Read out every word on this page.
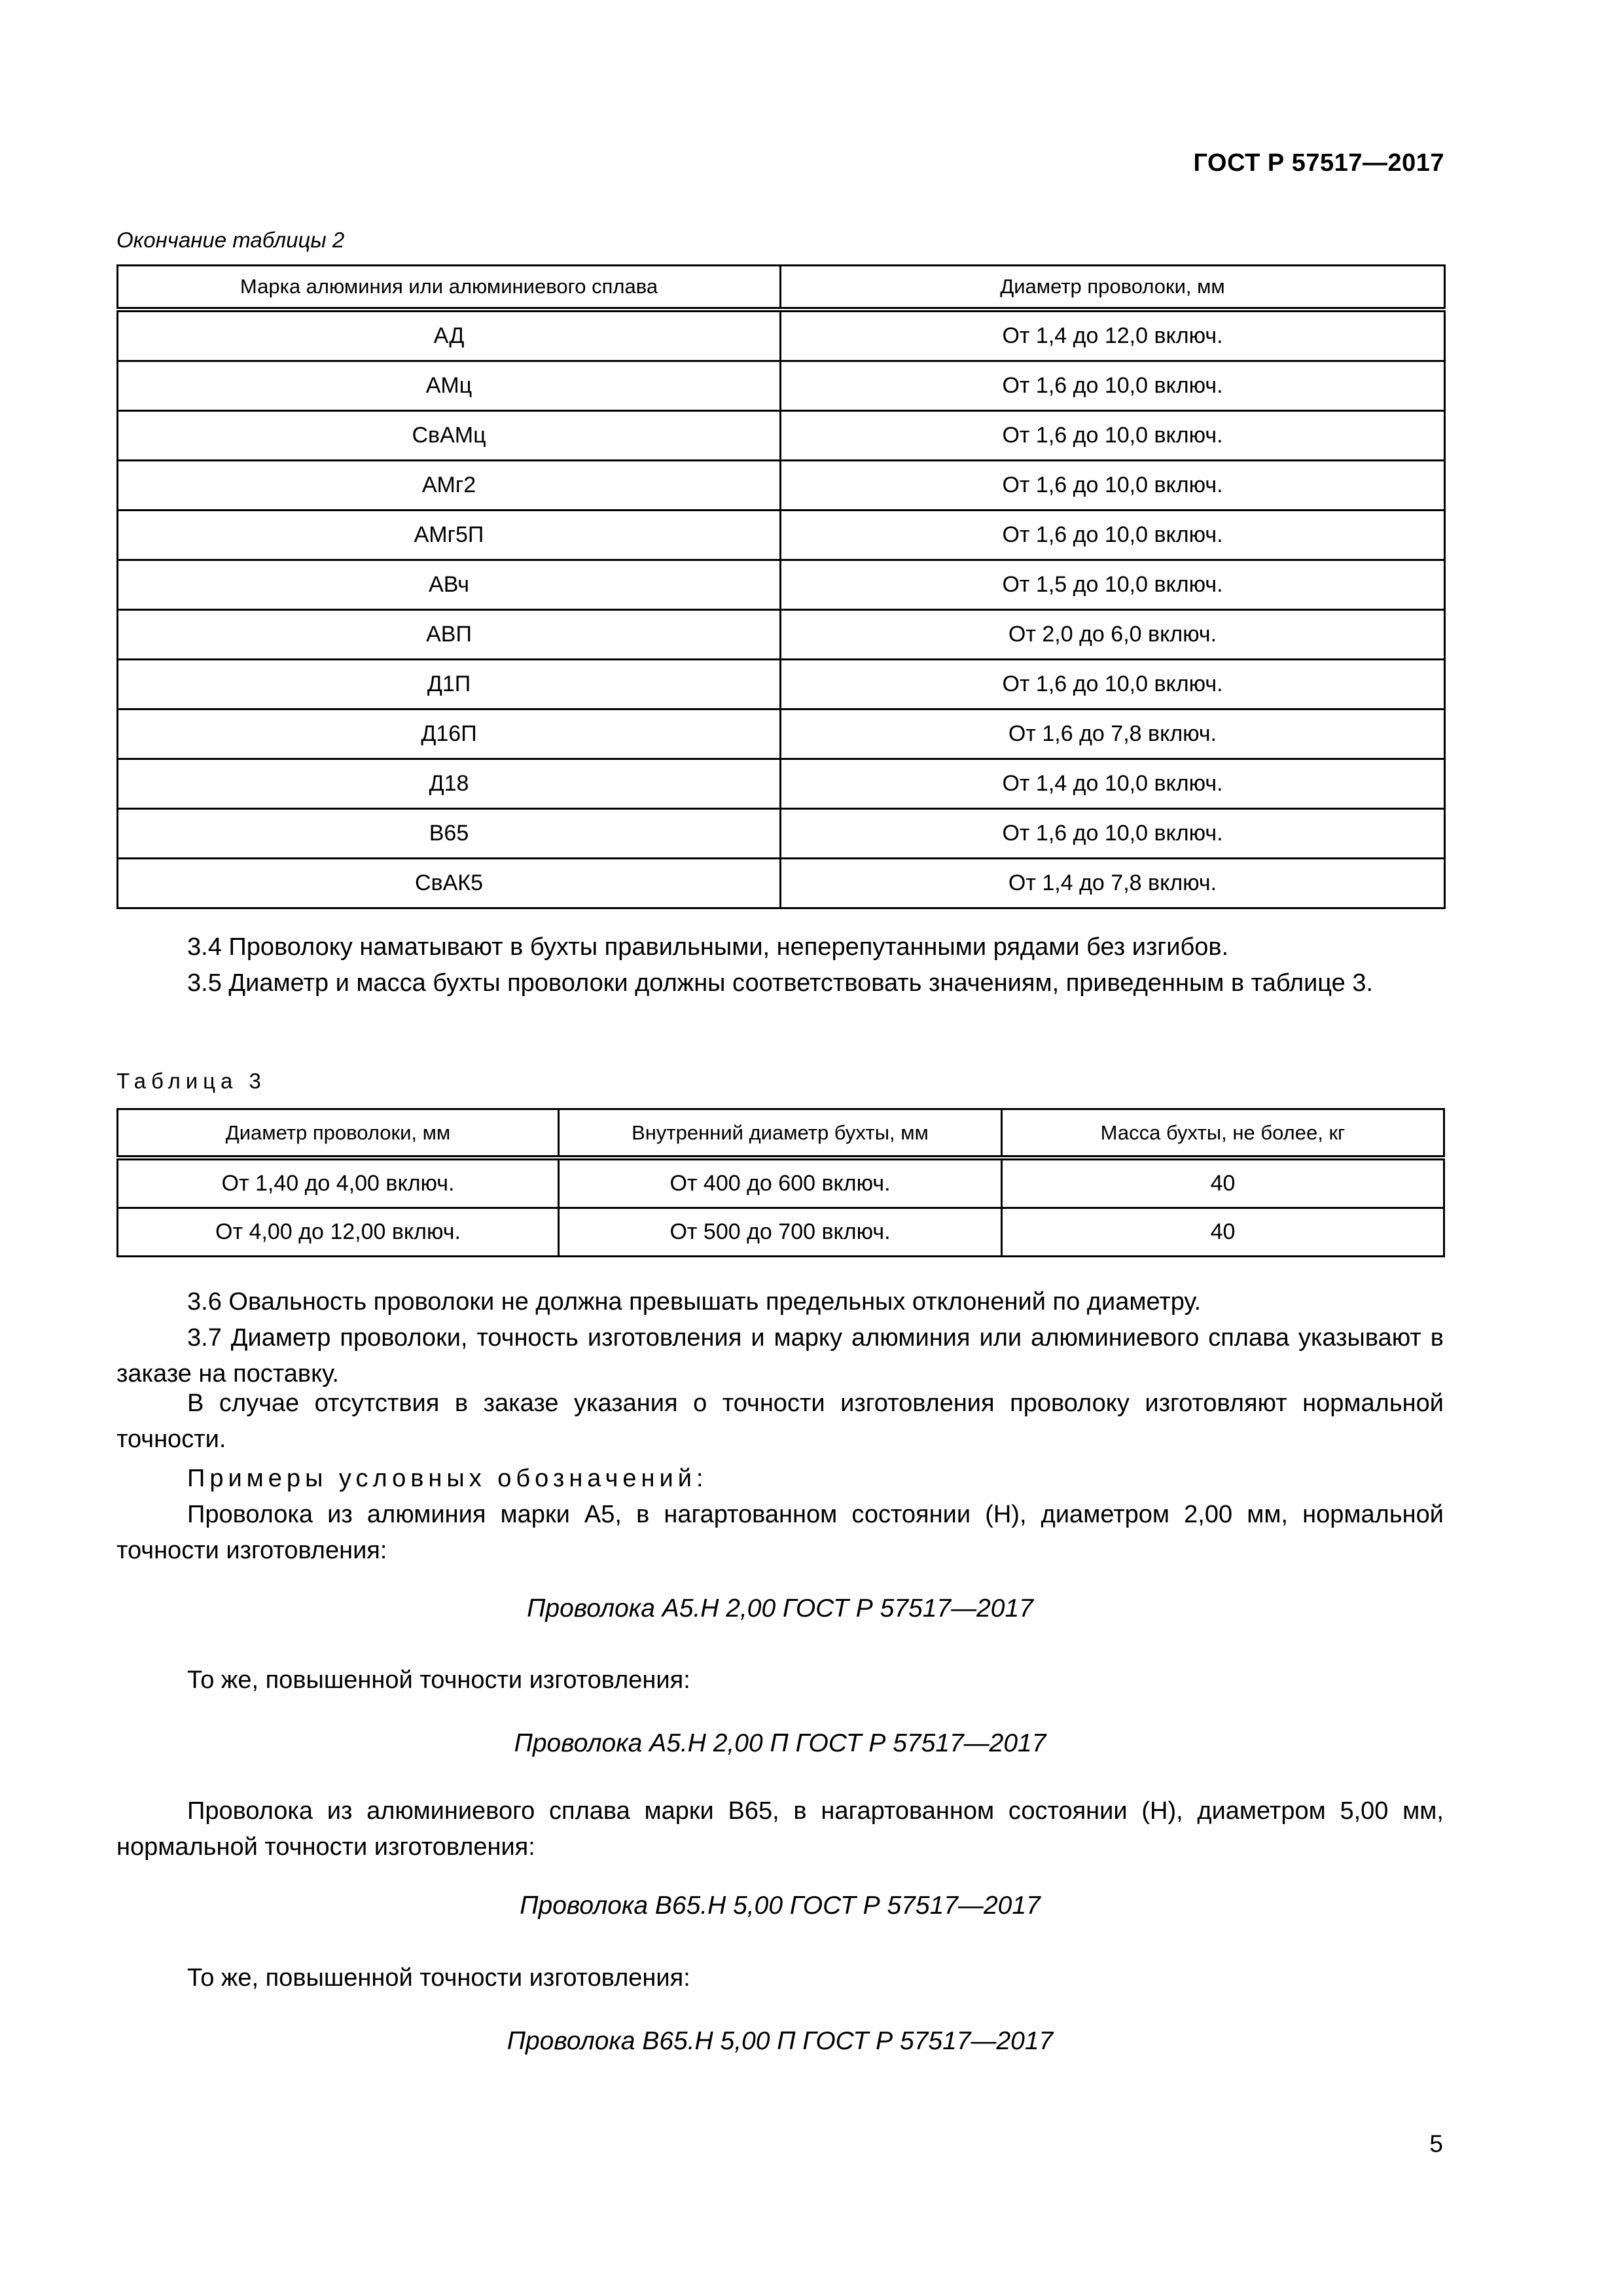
ГОСТ Р 57517—2017
Окончание таблицы 2
Марка алюминия или алюминиевого сплава	Диаметр проволоки, мм
АД	От 1,4 до 12,0 включ.
АМц	От 1,6 до 10,0 включ.
СвАМц	От 1,6 до 10,0 включ.
АМг2	От 1,6 до 10,0 включ.
АМг5П	От 1,6 до 10,0 включ.
АВч	От 1,5 до 10,0 включ.
АВП	От 2,0 до 6,0 включ.
Д1П	От 1,6 до 10,0 включ.
Д16П	От 1,6 до 7,8 включ.
Д18	От 1,4 до 10,0 включ.
В65	От 1,6 до 10,0 включ.
СвАК5	От 1,4 до 7,8 включ.
3.4 Проволоку наматывают в бухты правильными, неперепутанными рядами без изгибов.
3.5 Диаметр и масса бухты проволоки должны соответствовать значениям, приведенным в таблице 3.
Таблица 3
Диаметр проволоки, мм	Внутренний диаметр бухты, мм	Масса бухты, не более, кг
От 1,40 до 4,00 включ.	От 400 до 600 включ.	40
От 4,00 до 12,00 включ.	От 500 до 700 включ.	40
3.6 Овальность проволоки не должна превышать предельных отклонений по диаметру.
3.7 Диаметр проволоки, точность изготовления и марку алюминия или алюминиевого сплава указывают в заказе на поставку.
В случае отсутствия в заказе указания о точности изготовления проволоку изготовляют нормальной точности.
Примеры условных обозначений:
Проволока из алюминия марки А5, в нагартованном состоянии (Н), диаметром 2,00 мм, нормальной точности изготовления:
Проволока А5.Н 2,00 ГОСТ Р 57517—2017
То же, повышенной точности изготовления:
Проволока А5.Н 2,00 П ГОСТ Р 57517—2017
Проволока из алюминиевого сплава марки В65, в нагартованном состоянии (Н), диаметром 5,00 мм, нормальной точности изготовления:
Проволока В65.Н 5,00 ГОСТ Р 57517—2017
То же, повышенной точности изготовления:
Проволока В65.Н 5,00 П ГОСТ Р 57517—2017
5
